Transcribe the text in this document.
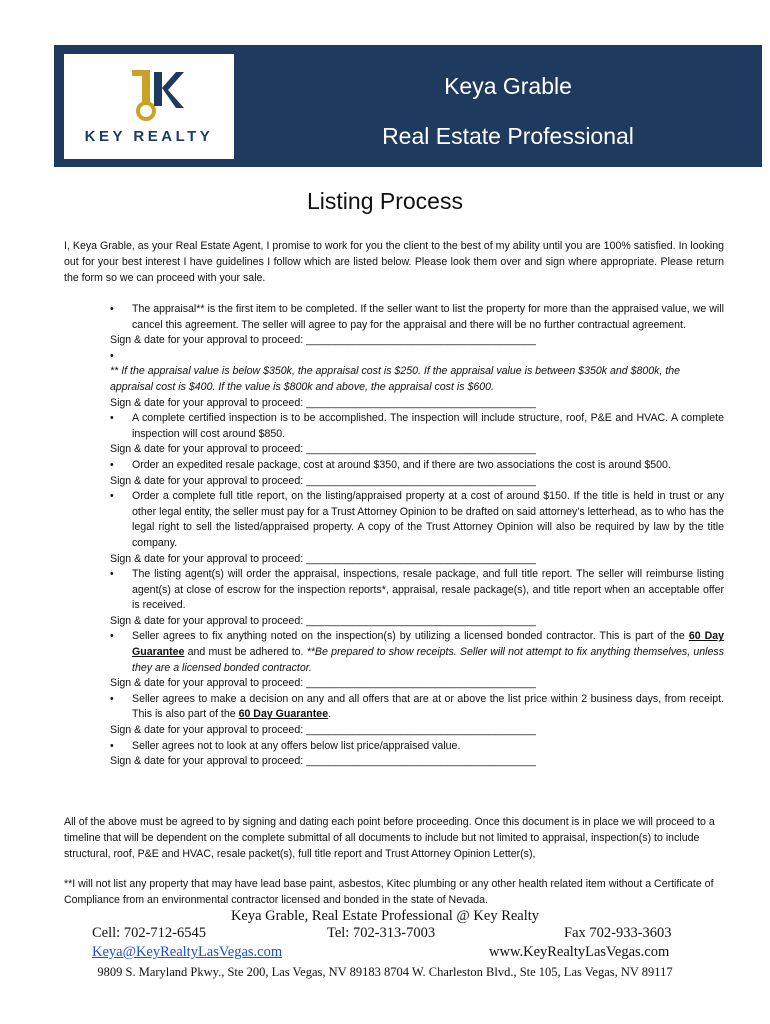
KEY REALTY
Keya Grable
Real Estate Professional
Listing Process
I, Keya Grable, as your Real Estate Agent, I promise to work for you the client to the best of my ability until you are 100% satisfied. In looking out for your best interest I have guidelines I follow which are listed below. Please look them over and sign where appropriate. Please return the form so we can proceed with your sale.
• The appraisal** is the first item to be completed. If the seller want to list the property for more than the appraised value, we will cancel this agreement. The seller will agree to pay for the appraisal and there will be no further contractual agreement.
Sign & date for your approval to proceed: _______________________________________
•

** If the appraisal value is below $350k, the appraisal cost is $250. If the appraisal value is between $350k and $800k, the appraisal cost is $400. If the value is $800k and above, the appraisal cost is $600.
Sign & date for your approval to proceed: _______________________________________
• A complete certified inspection is to be accomplished. The inspection will include structure, roof, P&E and HVAC. A complete inspection will cost around $850.
Sign & date for your approval to proceed: _______________________________________
• Order an expedited resale package, cost at around $350, and if there are two associations the cost is around $500.
Sign & date for your approval to proceed: _______________________________________
• Order a complete full title report, on the listing/appraised property at a cost of around $150. If the title is held in trust or any other legal entity, the seller must pay for a Trust Attorney Opinion to be drafted on said attorney's letterhead, as to who has the legal right to sell the listed/appraised property. A copy of the Trust Attorney Opinion will also be required by law by the title company.
Sign & date for your approval to proceed: _______________________________________
• The listing agent(s) will order the appraisal, inspections, resale package, and full title report. The seller will reimburse listing agent(s) at close of escrow for the inspection reports*, appraisal, resale package(s), and title report when an acceptable offer is received.
Sign & date for your approval to proceed: _______________________________________
• Seller agrees to fix anything noted on the inspection(s) by utilizing a licensed bonded contractor. This is part of the 60 Day Guarantee and must be adhered to. **Be prepared to show receipts. Seller will not attempt to fix anything themselves, unless they are a licensed bonded contractor.
Sign & date for your approval to proceed: _______________________________________
• Seller agrees to make a decision on any and all offers that are at or above the list price within 2 business days, from receipt. This is also part of the 60 Day Guarantee.
Sign & date for your approval to proceed: _______________________________________
• Seller agrees not to look at any offers below list price/appraised value.
Sign & date for your approval to proceed: _______________________________________
All of the above must be agreed to by signing and dating each point before proceeding. Once this document is in place we will proceed to a timeline that will be dependent on the complete submittal of all documents to include but not limited to appraisal, inspection(s) to include structural, roof, P&E and HVAC, resale packet(s), full title report and Trust Attorney Opinion Letter(s),
**I will not list any property that may have lead base paint, asbestos, Kitec plumbing or any other health related item without a Certificate of Compliance from an environmental contractor licensed and bonded in the state of Nevada.
Keya Grable, Real Estate Professional @ Key Realty
Cell: 702-712-6545	Tel: 702-313-7003	Fax 702-933-3603
Keya@KeyRealtyLasVegas.com	www.KeyRealtyLasVegas.com
9809 S. Maryland Pkwy., Ste 200, Las Vegas, NV 89183 8704 W. Charleston Blvd., Ste 105, Las Vegas, NV 89117
